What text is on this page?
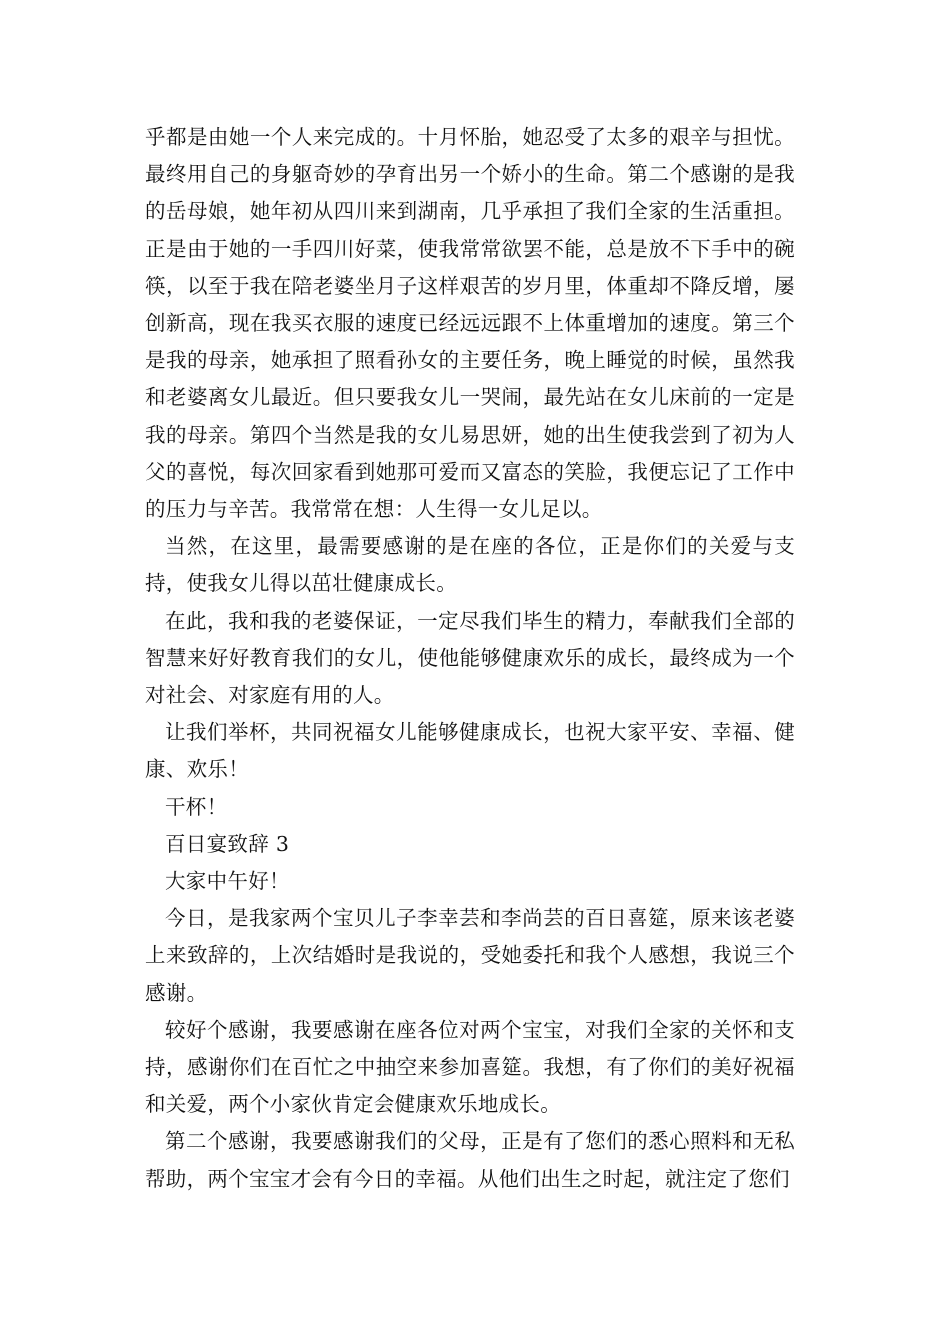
乎都是由她一个人来完成的。十月怀胎，她忍受了太多的艰辛与担忧。最终用自己的身躯奇妙的孕育出另一个娇小的生命。第二个感谢的是我的岳母娘，她年初从四川来到湖南，几乎承担了我们全家的生活重担。正是由于她的一手四川好菜，使我常常欲罢不能，总是放不下手中的碗筷，以至于我在陪老婆坐月子这样艰苦的岁月里，体重却不降反增，屡创新高，现在我买衣服的速度已经远远跟不上体重增加的速度。第三个是我的母亲，她承担了照看孙女的主要任务，晚上睡觉的时候，虽然我和老婆离女儿最近。但只要我女儿一哭闹，最先站在女儿床前的一定是我的母亲。第四个当然是我的女儿易思妍，她的出生使我尝到了初为人父的喜悦，每次回家看到她那可爱而又富态的笑脸，我便忘记了工作中的压力与辛苦。我常常在想：人生得一女儿足以。

当然，在这里，最需要感谢的是在座的各位，正是你们的关爱与支持，使我女儿得以茁壮健康成长。

在此，我和我的老婆保证，一定尽我们毕生的精力，奉献我们全部的智慧来好好教育我们的女儿，使他能够健康欢乐的成长，最终成为一个对社会、对家庭有用的人。

让我们举杯，共同祝福女儿能够健康成长，也祝大家平安、幸福、健康、欢乐！

干杯！

百日宴致辞 3

大家中午好！

今日，是我家两个宝贝儿子李幸芸和李尚芸的百日喜筵，原来该老婆上来致辞的，上次结婚时是我说的，受她委托和我个人感想，我说三个感谢。

较好个感谢，我要感谢在座各位对两个宝宝，对我们全家的关怀和支持，感谢你们在百忙之中抽空来参加喜筵。我想，有了你们的美好祝福和关爱，两个小家伙肯定会健康欢乐地成长。

第二个感谢，我要感谢我们的父母，正是有了您们的悉心照料和无私帮助，两个宝宝才会有今日的幸福。从他们出生之时起，就注定了您们
